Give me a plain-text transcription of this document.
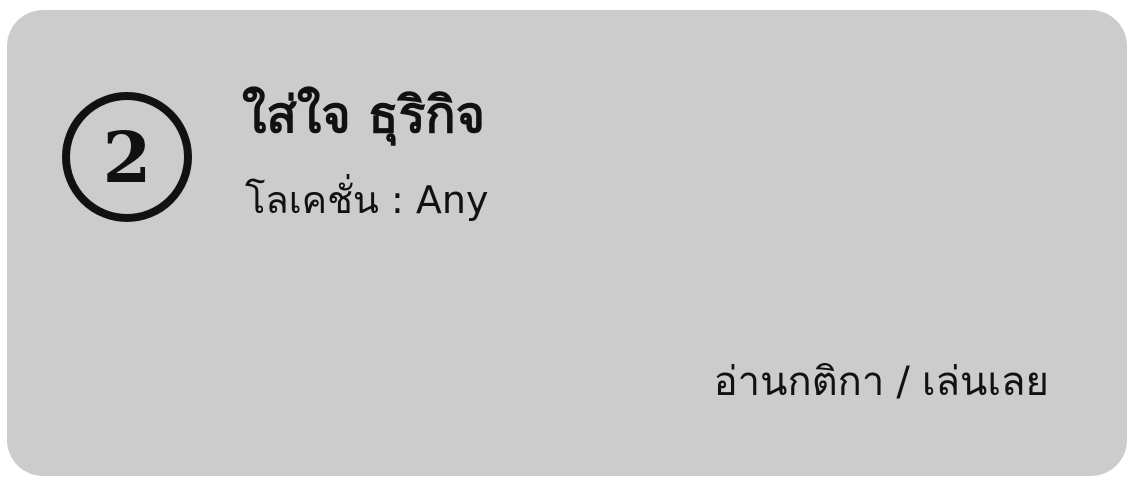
2
ใส่ใจ ธุริกิจ
โลเคชั่น : Any
อ่านกติกา / เล่นเลย
